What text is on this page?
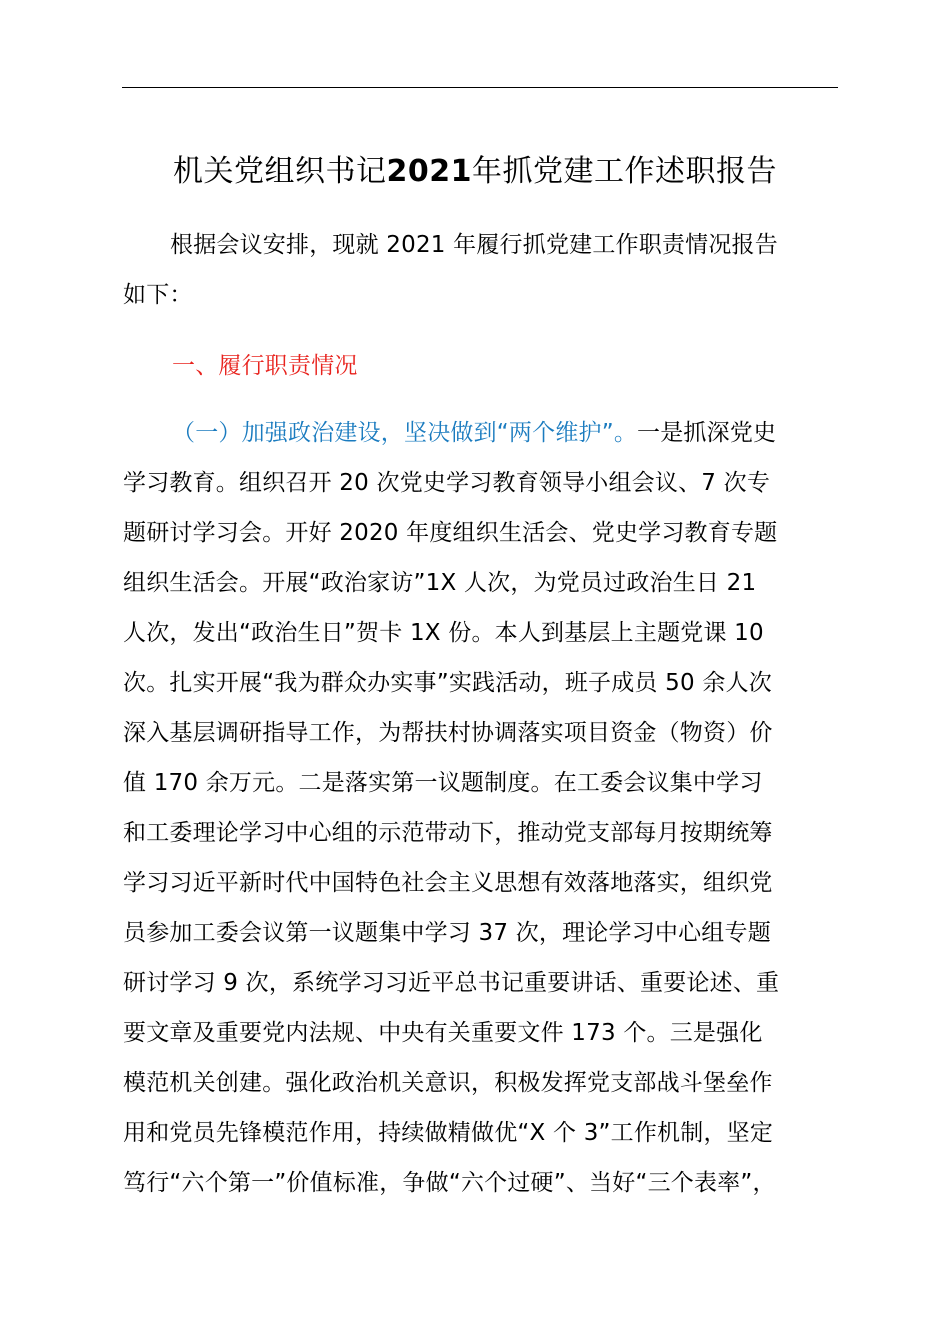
机关党组织书记2021年抓党建工作述职报告
根据会议安排，现就 2021 年履行抓党建工作职责情况报告
如下：
一、履行职责情况
（一）加强政治建设，坚决做到“两个维护”。一是抓深党史
学习教育。组织召开 20 次党史学习教育领导小组会议、7 次专
题研讨学习会。开好 2020 年度组织生活会、党史学习教育专题
组织生活会。开展“政治家访”1X 人次，为党员过政治生日 21
人次，发出“政治生日”贺卡 1X 份。本人到基层上主题党课 10
次。扎实开展“我为群众办实事”实践活动，班子成员 50 余人次
深入基层调研指导工作，为帮扶村协调落实项目资金（物资）价
值 170 余万元。二是落实第一议题制度。在工委会议集中学习
和工委理论学习中心组的示范带动下，推动党支部每月按期统筹
学习习近平新时代中国特色社会主义思想有效落地落实，组织党
员参加工委会议第一议题集中学习 37 次，理论学习中心组专题
研讨学习 9 次，系统学习习近平总书记重要讲话、重要论述、重
要文章及重要党内法规、中央有关重要文件 173 个。三是强化
模范机关创建。强化政治机关意识，积极发挥党支部战斗堡垒作
用和党员先锋模范作用，持续做精做优“X 个 3”工作机制，坚定
笃行“六个第一”价值标准，争做“六个过硬”、当好“三个表率”，
